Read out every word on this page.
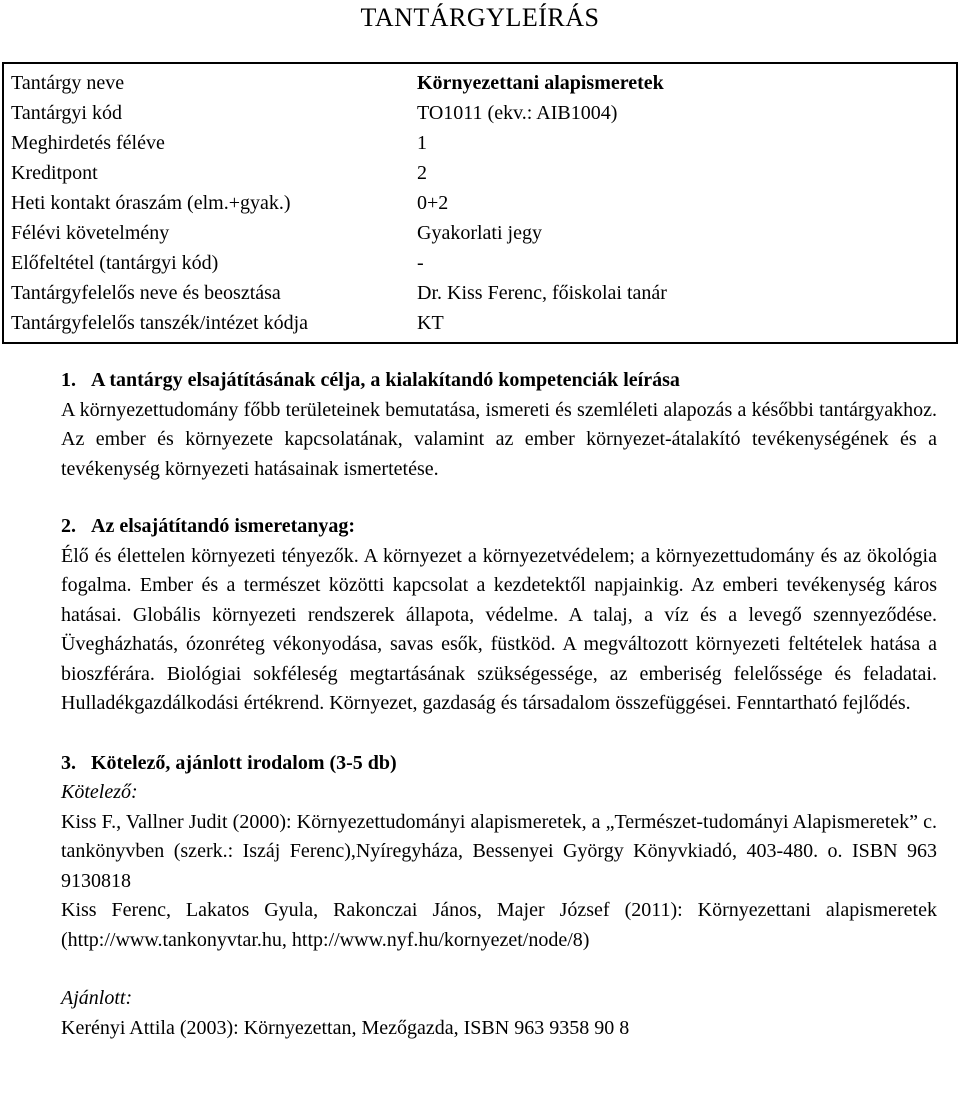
TANTÁRGYLEÍRÁS
Tantárgy neve	Környezettani alapismeretek
Tantárgyi kód	TO1011 (ekv.: AIB1004)
Meghirdetés féléve	1
Kreditpont	2
Heti kontakt óraszám (elm.+gyak.)	0+2
Félévi követelmény	Gyakorlati jegy
Előfeltétel (tantárgyi kód)	-
Tantárgyfelelős neve és beosztása	Dr. Kiss Ferenc, főiskolai tanár
Tantárgyfelelős tanszék/intézet kódja	KT
1. A tantárgy elsajátításának célja, a kialakítandó kompetenciák leírása

A környezettudomány főbb területeinek bemutatása, ismereti és szemléleti alapozás a későbbi tantárgyakhoz. Az ember és környezete kapcsolatának, valamint az ember környezet-átalakító tevékenységének és a tevékenység környezeti hatásainak ismertetése.

2. Az elsajátítandó ismeretanyag:

Élő és élettelen környezeti tényezők. A környezet a környezetvédelem; a környezettudomány és az ökológia fogalma. Ember és a természet közötti kapcsolat a kezdetektől napjainkig. Az emberi tevékenység káros hatásai. Globális környezeti rendszerek állapota, védelme. A talaj, a víz és a levegő szennyeződése. Üvegházhatás, ózonréteg vékonyodása, savas esők, füstköd. A megváltozott környezeti feltételek hatása a bioszférára. Biológiai sokféleség megtartásának szükségessége, az emberiség felelőssége és feladatai. Hulladékgazdálkodási értékrend. Környezet, gazdaság és társadalom összefüggései. Fenntartható fejlődés.

3. Kötelező, ajánlott irodalom (3-5 db)
Kötelező:

Kiss F., Vallner Judit (2000): Környezettudományi alapismeretek, a „Természet-tudományi Alapismeretek” c. tankönyvben (szerk.: Iszáj Ferenc),Nyíregyháza, Bessenyei György Könyvkiadó, 403-480. o. ISBN 963 9130818

Kiss Ferenc, Lakatos Gyula, Rakonczai János, Majer József (2011): Környezettani alapismeretek (http://www.tankonyvtar.hu, http://www.nyf.hu/kornyezet/node/8)

Ajánlott:

Kerényi Attila (2003): Környezettan, Mezőgazda, ISBN 963 9358 90 8
